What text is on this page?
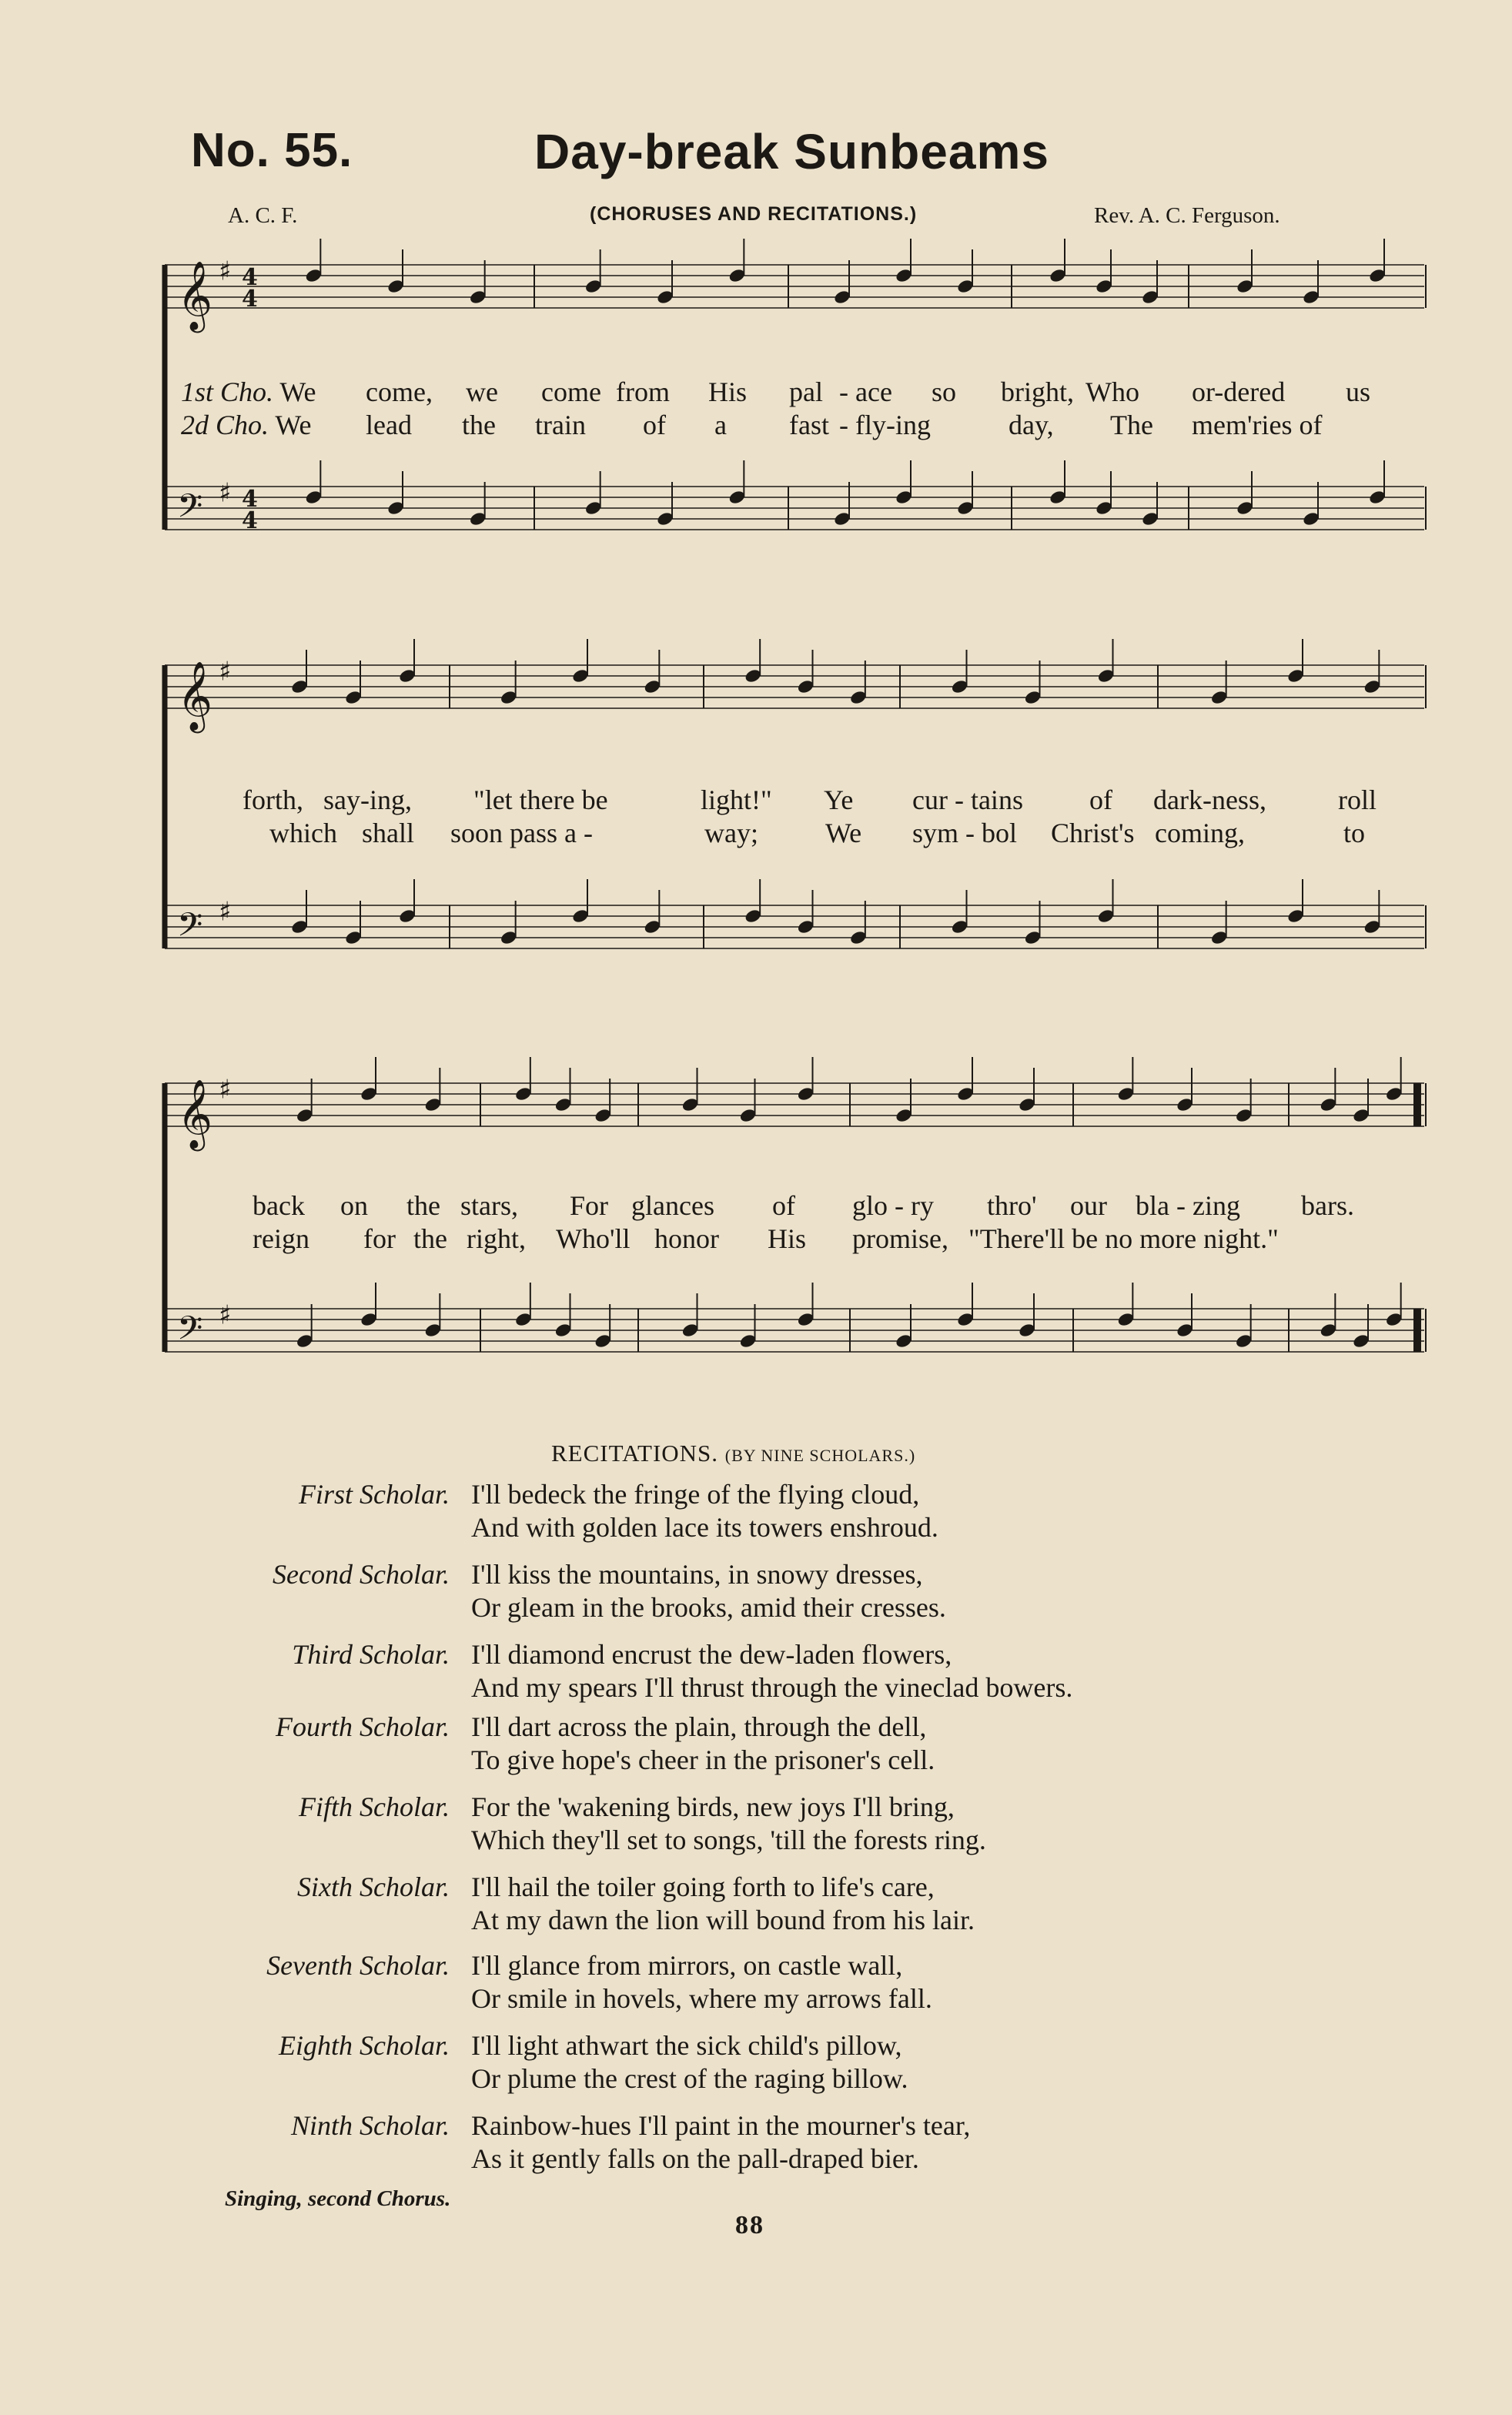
No. 55.	Day-break Sunbeams
A. C. F.	(CHORUSES AND RECITATIONS.)	Rev. A. C. Ferguson.
𝄞 ♯ 4
4
𝄢 ♯ 4
4
1st Cho. We come, we come from His pal - ace so bright, Who or-dered us
2d Cho. We lead the train of a fast - fly-ing	day, The mem'ries of
𝄞 ♯
𝄢 ♯
forth, say-ing, "let there be	light!" Ye cur - tains of dark-ness,	roll
which shall soon pass a -	way; We sym - bol Christ's coming,	to
𝄞 ♯
𝄢 ♯
back on the stars, For glances of glo - ry thro' our bla - zing bars.
reign for the right, Who'll honor His promise, "There'll be no more night."
RECITATIONS. (BY NINE SCHOLARS.)
First Scholar. I'll bedeck the fringe of the flying cloud,
And with golden lace its towers enshroud.
Second Scholar. I'll kiss the mountains, in snowy dresses,
Or gleam in the brooks, amid their cresses.
Third Scholar. I'll diamond encrust the dew-laden flowers,
And my spears I'll thrust through the vineclad bowers.
Fourth Scholar. I'll dart across the plain, through the dell,
To give hope's cheer in the prisoner's cell.
Fifth Scholar. For the 'wakening birds, new joys I'll bring,
Which they'll set to songs, 'till the forests ring.
Sixth Scholar. I'll hail the toiler going forth to life's care,
At my dawn the lion will bound from his lair.
Seventh Scholar. I'll glance from mirrors, on castle wall,
Or smile in hovels, where my arrows fall.
Eighth Scholar. I'll light athwart the sick child's pillow,
Or plume the crest of the raging billow.
Ninth Scholar. Rainbow-hues I'll paint in the mourner's tear,
As it gently falls on the pall-draped bier.
Singing, second Chorus.
88
